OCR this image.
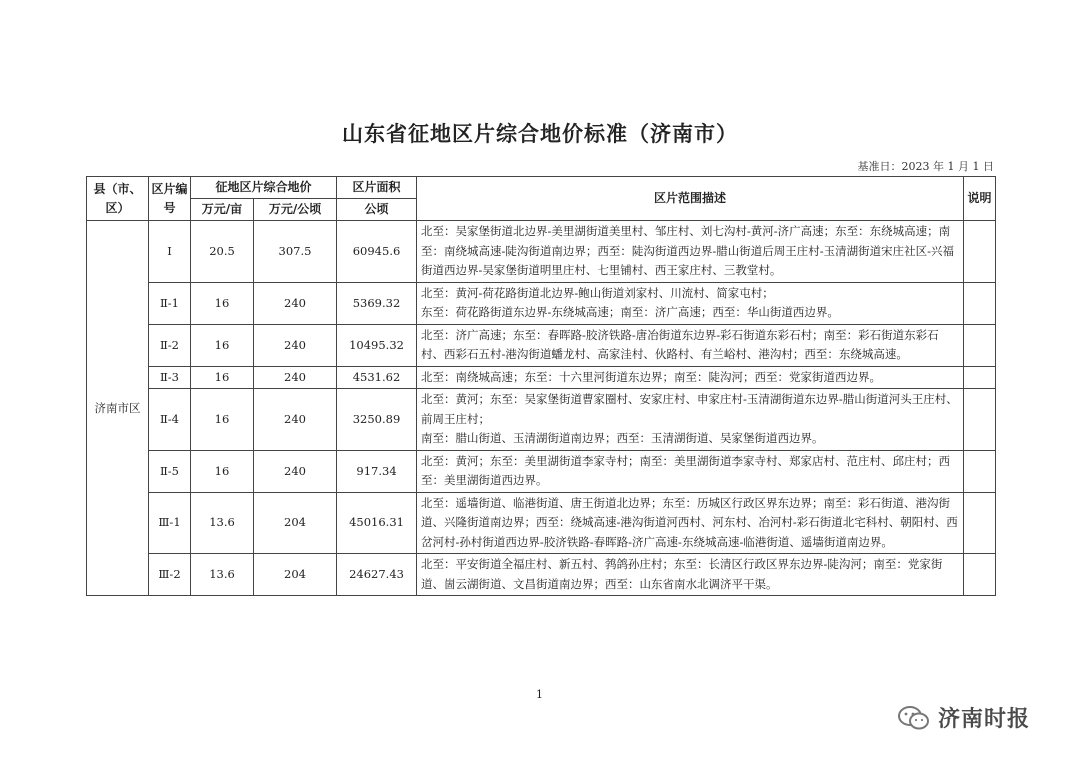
山东省征地区片综合地价标准（济南市）
基准日：2023 年 1 月 1 日
县（市、区）	区片编号	征地区片综合地价		区片面积	区片范围描述	说明
		万元/亩	万元/公顷	公顷		
济南市区	Ⅰ	20.5	307.5	60945.6	北至：吴家堡街道北边界-美里湖街道美里村、邹庄村、刘七沟村-黄河-济广高速；东至：东绕城高速；南至：南绕城高速-陡沟街道南边界；西至：陡沟街道西边界-腊山街道后周王庄村-玉清湖街道宋庄社区-兴福街道西边界-吴家堡街道明里庄村、七里铺村、西王家庄村、三教堂村。	
	Ⅱ-1	16	240	5369.32	北至：黄河-荷花路街道北边界-鲍山街道刘家村、川流村、简家屯村；
东至：荷花路街道东边界-东绕城高速；南至：济广高速；西至：华山街道西边界。	
	Ⅱ-2	16	240	10495.32	北至：济广高速；东至：春晖路-胶济铁路-唐冶街道东边界-彩石街道东彩石村；南至：彩石街道东彩石村、西彩石五村-港沟街道蟠龙村、高家洼村、伙路村、有兰峪村、港沟村；西至：东绕城高速。	
	Ⅱ-3	16	240	4531.62	北至：南绕城高速；东至：十六里河街道东边界；南至：陡沟河；西至：党家街道西边界。	
	Ⅱ-4	16	240	3250.89	北至：黄河；东至：吴家堡街道曹家圈村、安家庄村、申家庄村-玉清湖街道东边界-腊山街道河头王庄村、前周王庄村；
南至：腊山街道、玉清湖街道南边界；西至：玉清湖街道、吴家堡街道西边界。	
	Ⅱ-5	16	240	917.34	北至：黄河；东至：美里湖街道李家寺村；南至：美里湖街道李家寺村、郑家店村、范庄村、邱庄村；西至：美里湖街道西边界。	
	Ⅲ-1	13.6	204	45016.31	北至：遥墙街道、临港街道、唐王街道北边界；东至：历城区行政区界东边界；南至：彩石街道、港沟街道、兴隆街道南边界；西至：绕城高速-港沟街道河西村、河东村、冶河村-彩石街道北宅科村、朝阳村、西岔河村-孙村街道西边界-胶济铁路-春晖路-济广高速-东绕城高速-临港街道、遥墙街道南边界。	
	Ⅲ-2	13.6	204	24627.43	北至：平安街道全福庄村、新五村、鹁鸽孙庄村；东至：长清区行政区界东边界-陡沟河；南至：党家街道、崮云湖街道、文昌街道南边界；西至：山东省南水北调济平干渠。	
1
济南时报
